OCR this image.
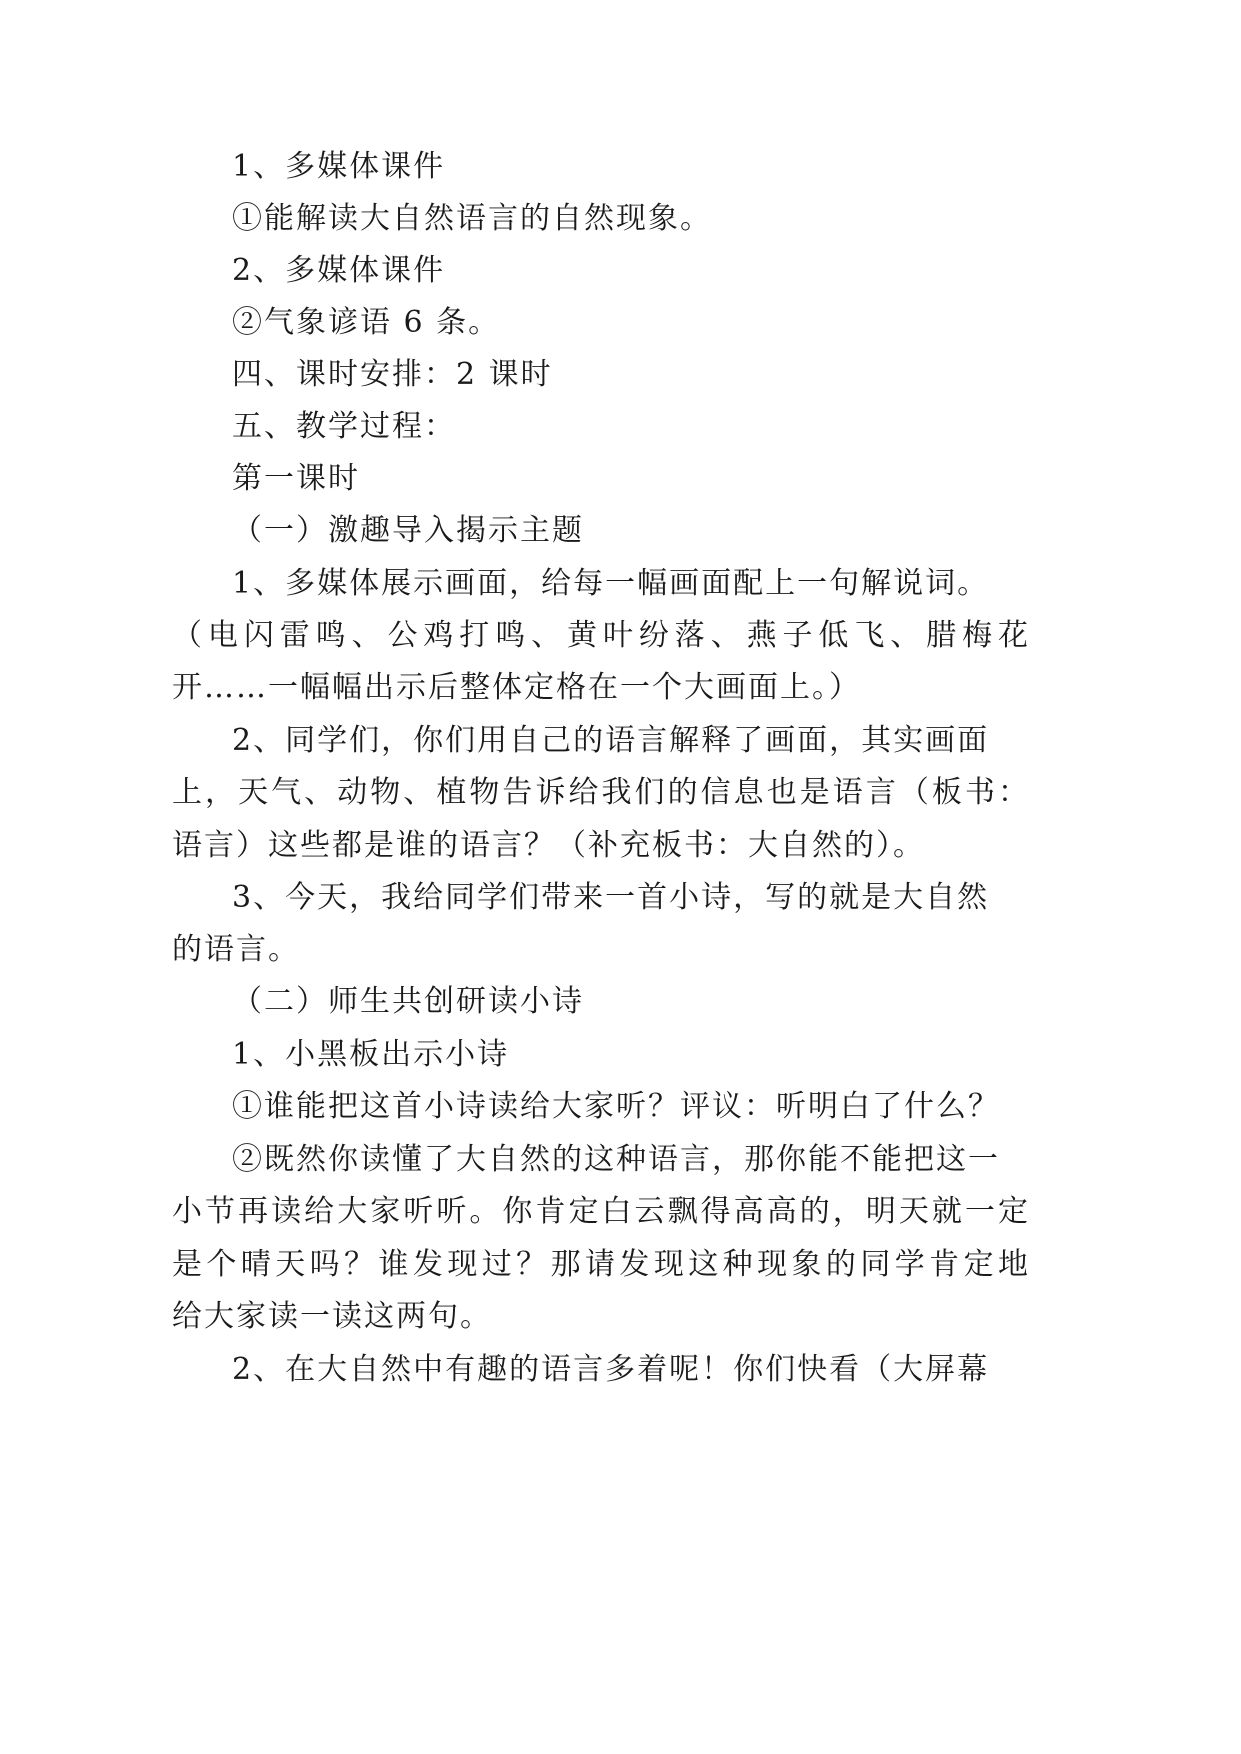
1、多媒体课件

①能解读大自然语言的自然现象。

2、多媒体课件

②气象谚语 6 条。

四、课时安排：2 课时

五、教学过程：

第一课时

（一）激趣导入揭示主题

1、多媒体展示画面，给每一幅画面配上一句解说词。

（电闪雷鸣、公鸡打鸣、黄叶纷落、燕子低飞、腊梅花

开……一幅幅出示后整体定格在一个大画面上。）

2、同学们，你们用自己的语言解释了画面，其实画面

上，天气、动物、植物告诉给我们的信息也是语言（板书：

语言）这些都是谁的语言？（补充板书：大自然的）。

3、今天，我给同学们带来一首小诗，写的就是大自然

的语言。

（二）师生共创研读小诗

1、小黑板出示小诗

①谁能把这首小诗读给大家听？评议：听明白了什么？

②既然你读懂了大自然的这种语言，那你能不能把这一

小节再读给大家听听。你肯定白云飘得高高的，明天就一定

是个晴天吗？谁发现过？那请发现这种现象的同学肯定地

给大家读一读这两句。

2、在大自然中有趣的语言多着呢！你们快看（大屏幕
